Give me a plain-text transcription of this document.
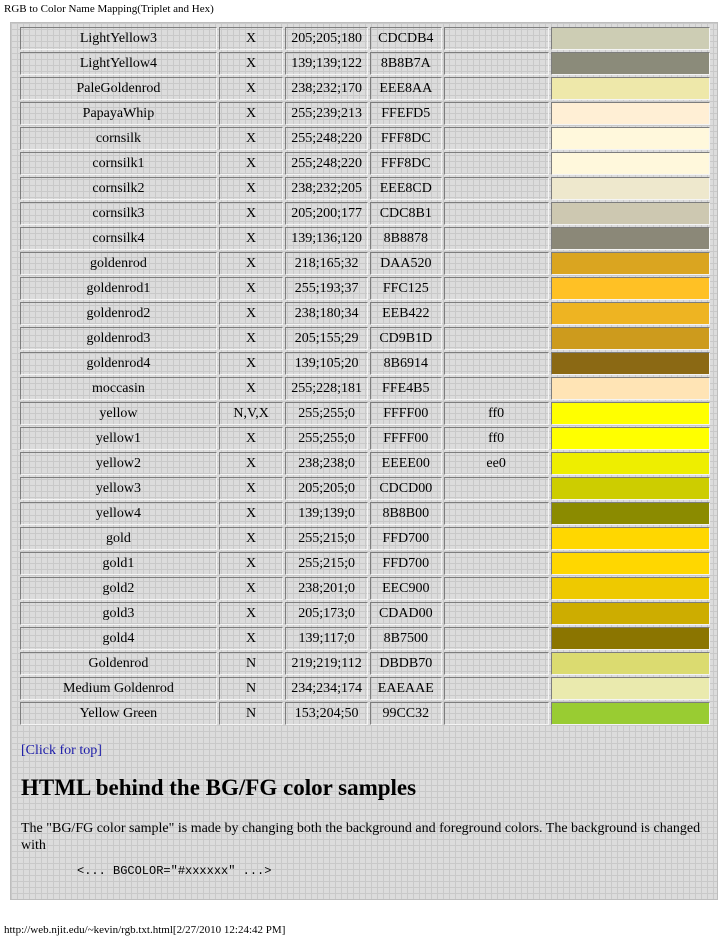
RGB to Color Name Mapping(Triplet and Hex)
LightYellow3	X	205;205;180	CDCDB4		
LightYellow4	X	139;139;122	8B8B7A		
PaleGoldenrod	X	238;232;170	EEE8AA		
PapayaWhip	X	255;239;213	FFEFD5		
cornsilk	X	255;248;220	FFF8DC		
cornsilk1	X	255;248;220	FFF8DC		
cornsilk2	X	238;232;205	EEE8CD		
cornsilk3	X	205;200;177	CDC8B1		
cornsilk4	X	139;136;120	8B8878		
goldenrod	X	218;165;32	DAA520		
goldenrod1	X	255;193;37	FFC125		
goldenrod2	X	238;180;34	EEB422		
goldenrod3	X	205;155;29	CD9B1D		
goldenrod4	X	139;105;20	8B6914		
moccasin	X	255;228;181	FFE4B5		
yellow	N,V,X	255;255;0	FFFF00	ff0	
yellow1	X	255;255;0	FFFF00	ff0	
yellow2	X	238;238;0	EEEE00	ee0	
yellow3	X	205;205;0	CDCD00		
yellow4	X	139;139;0	8B8B00		
gold	X	255;215;0	FFD700		
gold1	X	255;215;0	FFD700		
gold2	X	238;201;0	EEC900		
gold3	X	205;173;0	CDAD00		
gold4	X	139;117;0	8B7500		
Goldenrod	N	219;219;112	DBDB70		
Medium Goldenrod	N	234;234;174	EAEAAE		
Yellow Green	N	153;204;50	99CC32		
[Click for top]
HTML behind the BG/FG color samples

The "BG/FG color sample" is made by changing both the background and foreground colors. The background is changed with

<... BGCOLOR="#xxxxxx" ...>
http://web.njit.edu/~kevin/rgb.txt.html[2/27/2010 12:24:42 PM]
